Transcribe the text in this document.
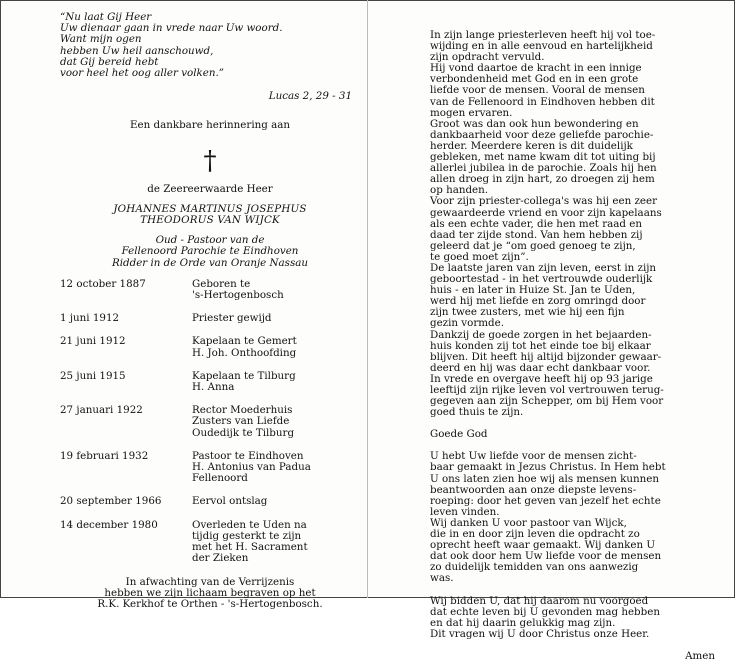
“Nu laat Gij Heer
Uw dienaar gaan in vrede naar Uw woord.
Want mijn ogen
hebben Uw heil aanschouwd,
dat Gij bereid hebt
voor heel het oog aller volken.”
Lucas 2, 29 - 31
Een dankbare herinnering aan
†
de Zeereerwaarde Heer
JOHANNES MARTINUS JOSEPHUS
THEODORUS VAN WIJCK
Oud - Pastoor van de
Fellenoord Parochie te Eindhoven
Ridder in de Orde van Oranje Nassau
12 october 1887	Geboren te
's-Hertogenbosch
1 juni 1912	Priester gewijd
21 juni 1912	Kapelaan te Gemert
H. Joh. Onthoofding
25 juni 1915	Kapelaan te Tilburg
H. Anna
27 januari 1922	Rector Moederhuis
Zusters van Liefde
Oudedijk te Tilburg
19 februari 1932	Pastoor te Eindhoven
H. Antonius van Padua
Fellenoord
20 september 1966	Eervol ontslag
14 december 1980	Overleden te Uden na
tijdig gesterkt te zijn
met het H. Sacrament
der Zieken
In afwachting van de Verrijzenis
hebben we zijn lichaam begraven op het
R.K. Kerkhof te Orthen - 's-Hertogenbosch.
In zijn lange priesterleven heeft hij vol toe-
wijding en in alle eenvoud en hartelijkheid
zijn opdracht vervuld.
Hij vond daartoe de kracht in een innige
verbondenheid met God en in een grote
liefde voor de mensen. Vooral de mensen
van de Fellenoord in Eindhoven hebben dit
mogen ervaren.
Groot was dan ook hun bewondering en
dankbaarheid voor deze geliefde parochie-
herder. Meerdere keren is dit duidelijk
gebleken, met name kwam dit tot uiting bij
allerlei jubilea in de parochie. Zoals hij hen
allen droeg in zijn hart, zo droegen zij hem
op handen.
Voor zijn priester-collega's was hij een zeer
gewaardeerde vriend en voor zijn kapelaans
als een echte vader, die hen met raad en
daad ter zijde stond. Van hem hebben zij
geleerd dat je “om goed genoeg te zijn,
te goed moet zijn”.
De laatste jaren van zijn leven, eerst in zijn
geboortestad - in het vertrouwde ouderlijk
huis - en later in Huize St. Jan te Uden,
werd hij met liefde en zorg omringd door
zijn twee zusters, met wie hij een fijn
gezin vormde.
Dankzij de goede zorgen in het bejaarden-
huis konden zij tot het einde toe bij elkaar
blijven. Dit heeft hij altijd bijzonder gewaar-
deerd en hij was daar echt dankbaar voor.
In vrede en overgave heeft hij op 93 jarige
leeftijd zijn rijke leven vol vertrouwen terug-
gegeven aan zijn Schepper, om bij Hem voor
goed thuis te zijn.
Goede God
U hebt Uw liefde voor de mensen zicht-
baar gemaakt in Jezus Christus. In Hem hebt
U ons laten zien hoe wij als mensen kunnen
beantwoorden aan onze diepste levens-
roeping: door het geven van jezelf het echte
leven vinden.
Wij danken U voor pastoor van Wijck,
die in en door zijn leven die opdracht zo
oprecht heeft waar gemaakt. Wij danken U
dat ook door hem Uw liefde voor de mensen
zo duidelijk temidden van ons aanwezig
was.
Wij bidden U, dat hij daarom nu voorgoed
dat echte leven bij U gevonden mag hebben
en dat hij daarin gelukkig mag zijn.
Dit vragen wij U door Christus onze Heer.
Amen
